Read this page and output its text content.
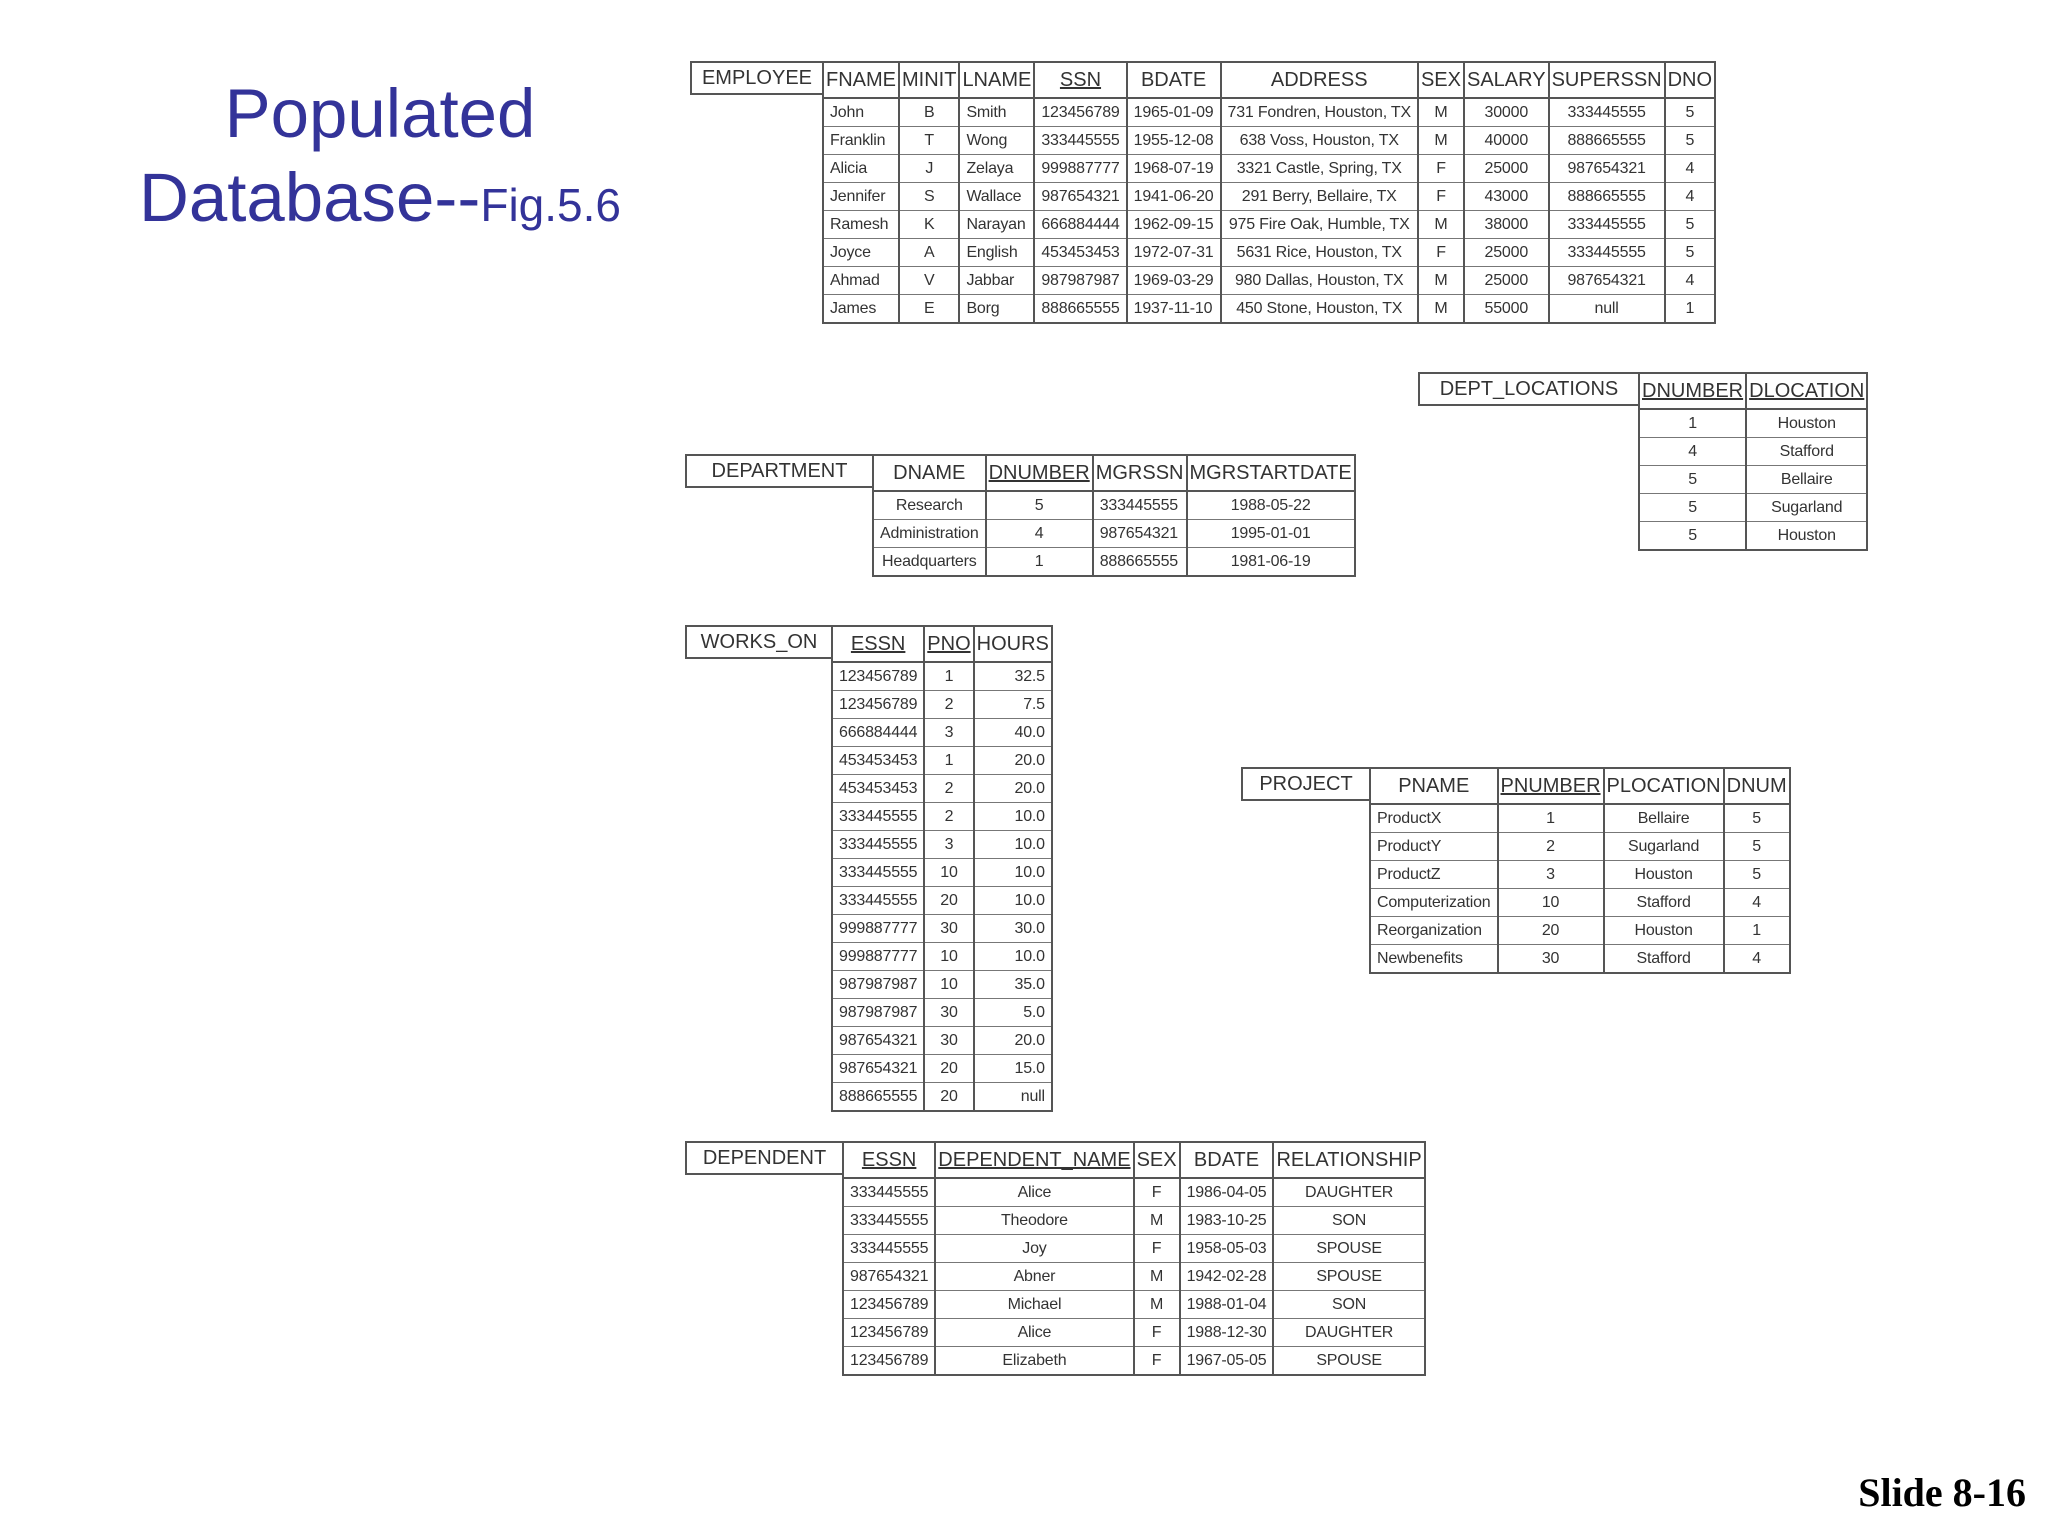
Populated
Database--Fig.5.6
EMPLOYEE FNAME	MINIT	LNAME	SSN	BDATE	ADDRESS	SEX	SALARY	SUPERSSN	DNO
John	B	Smith	123456789	1965-01-09	731 Fondren, Houston, TX	M	30000	333445555	5
Franklin	T	Wong	333445555	1955-12-08	638 Voss, Houston, TX	M	40000	888665555	5
Alicia	J	Zelaya	999887777	1968-07-19	3321 Castle, Spring, TX	F	25000	987654321	4
Jennifer	S	Wallace	987654321	1941-06-20	291 Berry, Bellaire, TX	F	43000	888665555	4
Ramesh	K	Narayan	666884444	1962-09-15	975 Fire Oak, Humble, TX	M	38000	333445555	5
Joyce	A	English	453453453	1972-07-31	5631 Rice, Houston, TX	F	25000	333445555	5
Ahmad	V	Jabbar	987987987	1969-03-29	980 Dallas, Houston, TX	M	25000	987654321	4
James	E	Borg	888665555	1937-11-10	450 Stone, Houston, TX	M	55000	null	1
DEPT_LOCATIONS	DNUMBER	DLOCATION
1	Houston
4	Stafford
5	Bellaire
5	Sugarland
5	Houston
DEPARTMENT	DNAME	DNUMBER	MGRSSN	MGRSTARTDATE
Research	5	333445555	1988-05-22
Administration	4	987654321	1995-01-01
Headquarters	1	888665555	1981-06-19
WORKS_ON	ESSN	PNO	HOURS
123456789	1	32.5
123456789	2	7.5
666884444	3	40.0
453453453	1	20.0
453453453	2	20.0
333445555	2	10.0
333445555	3	10.0
333445555	10	10.0
333445555	20	10.0
999887777	30	30.0
999887777	10	10.0
987987987	10	35.0
987987987	30	5.0
987654321	30	20.0
987654321	20	15.0
888665555	20	null
PROJECT	PNAME	PNUMBER	PLOCATION	DNUM
ProductX	1	Bellaire	5
ProductY	2	Sugarland	5
ProductZ	3	Houston	5
Computerization	10	Stafford	4
Reorganization	20	Houston	1
Newbenefits	30	Stafford	4
DEPENDENT	ESSN	DEPENDENT_NAME	SEX	BDATE	RELATIONSHIP
333445555	Alice	F	1986-04-05	DAUGHTER
333445555	Theodore	M	1983-10-25	SON
333445555	Joy	F	1958-05-03	SPOUSE
987654321	Abner	M	1942-02-28	SPOUSE
123456789	Michael	M	1988-01-04	SON
123456789	Alice	F	1988-12-30	DAUGHTER
123456789	Elizabeth	F	1967-05-05	SPOUSE
Slide 8-16
